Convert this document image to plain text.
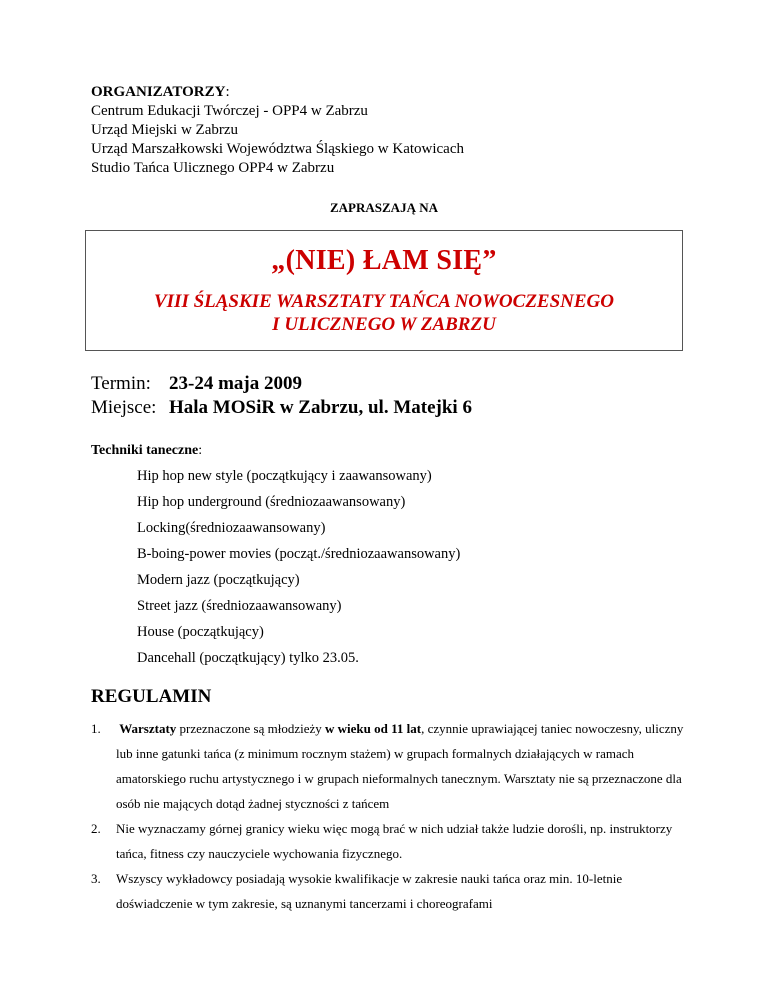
ORGANIZATORZY:
Centrum Edukacji Twórczej - OPP4 w Zabrzu
Urząd Miejski w Zabrzu
Urząd Marszałkowski Województwa Śląskiego w Katowicach
Studio Tańca Ulicznego OPP4 w Zabrzu
ZAPRASZAJĄ NA
„(NIE) ŁAM SIĘ”
VIII ŚLĄSKIE WARSZTATY TAŃCA NOWOCZESNEGO
I ULICZNEGO W ZABRZU
Termin: 23-24 maja 2009
Miejsce: Hala MOSiR w Zabrzu, ul. Matejki 6
Techniki taneczne:
Hip hop new style (początkujący i zaawansowany)
Hip hop underground (średniozaawansowany)
Locking(średniozaawansowany)
B-boing-power movies (począt./średniozaawansowany)
Modern jazz (początkujący)
Street jazz (średniozaawansowany)
House (początkujący)
Dancehall (początkujący) tylko 23.05.
REGULAMIN
1. Warsztaty przeznaczone są młodzieży w wieku od 11 lat, czynnie uprawiającej taniec nowoczesny, uliczny lub inne gatunki tańca (z minimum rocznym stażem) w grupach formalnych działających w ramach amatorskiego ruchu artystycznego i w grupach nieformalnych tanecznym. Warsztaty nie są przeznaczone dla osób nie mających dotąd żadnej styczności z tańcem
2. Nie wyznaczamy górnej granicy wieku więc mogą brać w nich udział także ludzie dorośli, np. instruktorzy tańca, fitness czy nauczyciele wychowania fizycznego.
3. Wszyscy wykładowcy posiadają wysokie kwalifikacje w zakresie nauki tańca oraz min. 10-letnie doświadczenie w tym zakresie, są uznanymi tancerzami i choreografami
